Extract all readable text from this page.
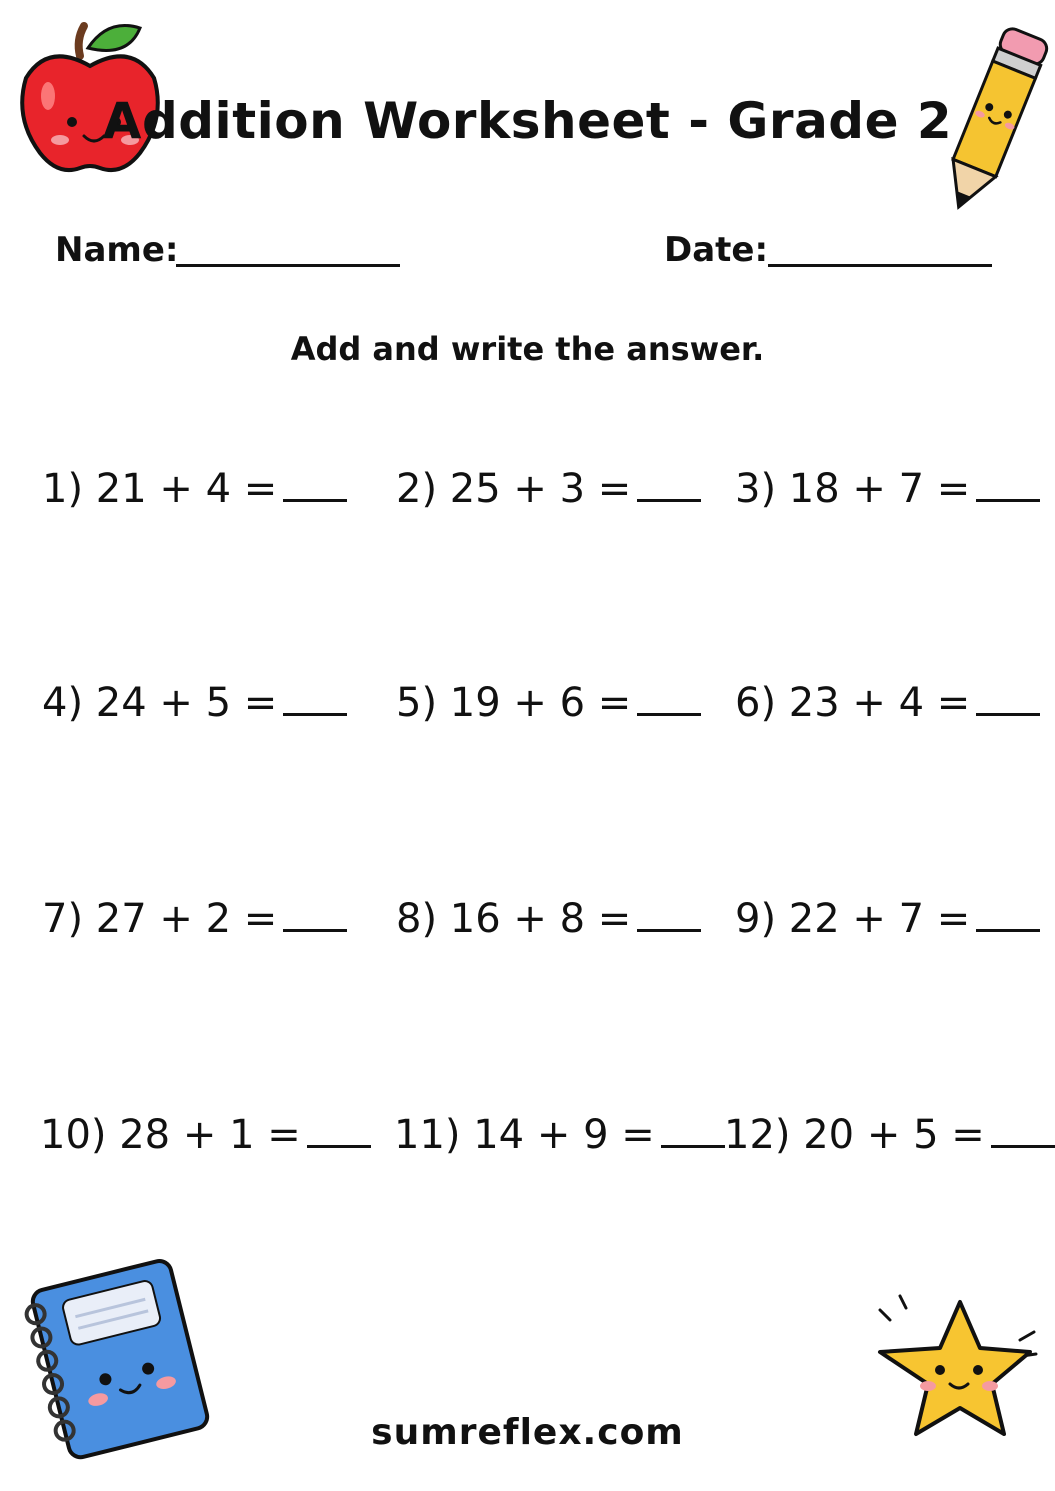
Addition Worksheet - Grade 2
Name:	Date:
Add and write the answer.
1) 21 + 4 =	2) 25 + 3 =	3) 18 + 7 =
4) 24 + 5 =	5) 19 + 6 =	6) 23 + 4 =
7) 27 + 2 =	8) 16 + 8 =	9) 22 + 7 =
10) 28 + 1 =	11) 14 + 9 =	12) 20 + 5 =
sumreflex.com
